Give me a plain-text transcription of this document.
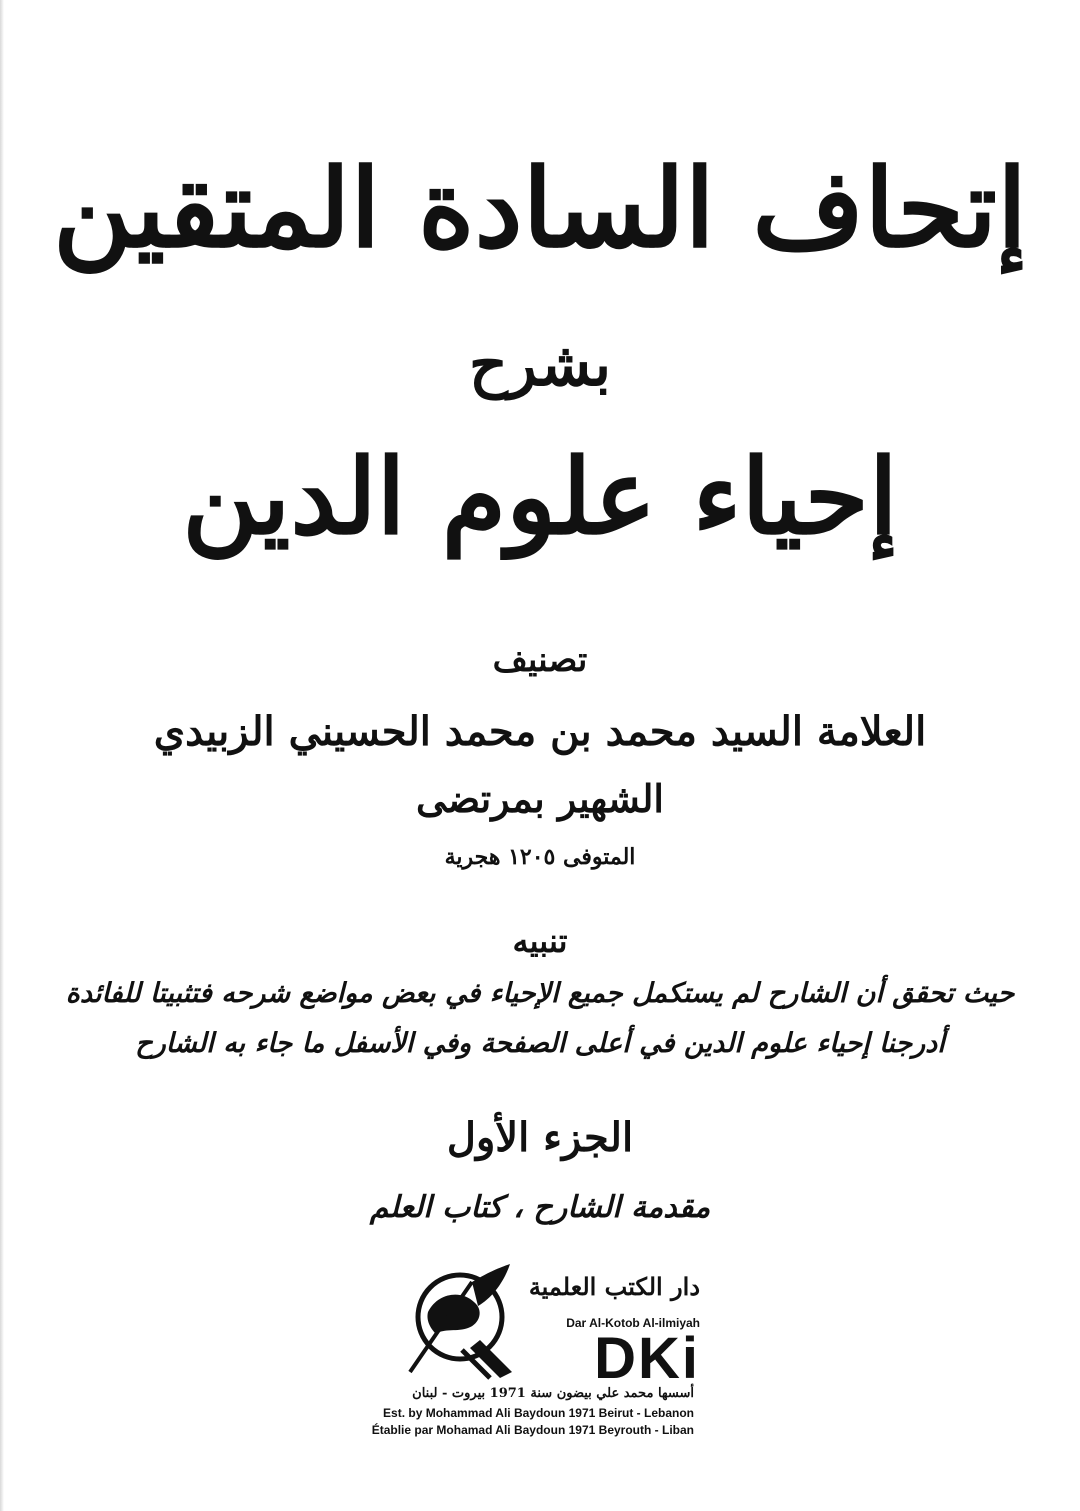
إتحاف السادة المتقين
بشرح
إحياء علوم الدين
تصنيف
العلامة السيد محمد بن محمد الحسيني الزبيدي
الشهير بمرتضى
المتوفى ١٢٠٥ هجرية
تنبيه
حيث تحقق أن الشارح لم يستكمل جميع الإحياء في بعض مواضع شرحه فتثبيتا للفائدة
أدرجنا إحياء علوم الدين في أعلى الصفحة وفي الأسفل ما جاء به الشارح
الجزء الأول
مقدمة الشارح ، كتاب العلم
دار الكتب العلمية
Dar Al-Kotob Al-ilmiyah
DKi
أسسها محمد علي بيضون سنة 1971 بيروت - لبنان
Est. by Mohammad Ali Baydoun 1971 Beirut - Lebanon
Établie par Mohamad Ali Baydoun 1971 Beyrouth - Liban
